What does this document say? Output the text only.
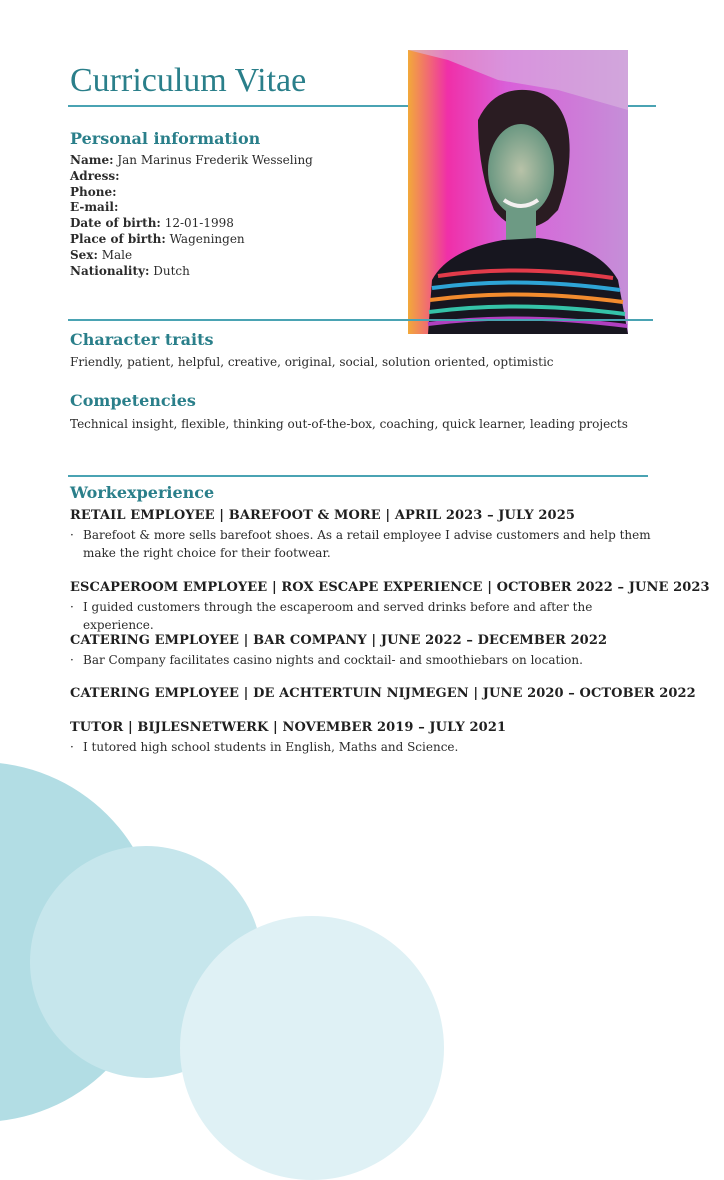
Curriculum Vitae
Personal information
Name: Jan Marinus Frederik Wesseling
Adress:
Phone:
E-mail:
Date of birth: 12-01-1998
Place of birth: Wageningen
Sex: Male
Nationality: Dutch
Character traits
Friendly, patient, helpful, creative, original, social, solution oriented, optimistic
Competencies
Technical insight, flexible, thinking out-of-the-box, coaching, quick learner, leading projects
Workexperience
RETAIL EMPLOYEE | BAREFOOT & MORE | APRIL 2023 – JULY 2025
· Barefoot & more sells barefoot shoes. As a retail employee I advise customers and help them make the right choice for their footwear.
ESCAPEROOM EMPLOYEE | ROX ESCAPE EXPERIENCE | OCTOBER 2022 – JUNE 2023
· I guided customers through the escaperoom and served drinks before and after the experience.
CATERING EMPLOYEE | BAR COMPANY | JUNE 2022 – DECEMBER 2022
· Bar Company facilitates casino nights and cocktail- and smoothiebars on location.
CATERING EMPLOYEE | DE ACHTERTUIN NIJMEGEN | JUNE 2020 – OCTOBER 2022
TUTOR | BIJLESNETWERK | NOVEMBER 2019 – JULY 2021
· I tutored high school students in English, Maths and Science.
